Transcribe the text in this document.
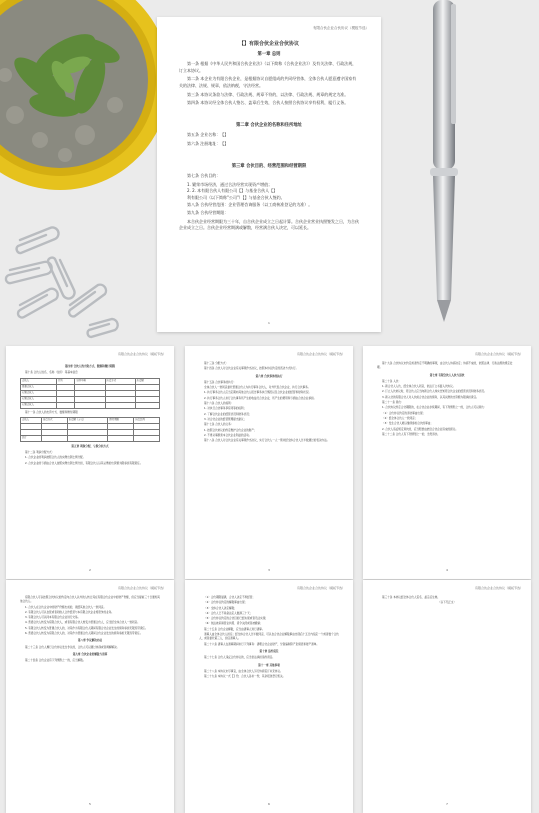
有限合伙企业合伙协议（模板节选）
【】有限合伙企业合伙协议
第一章 总则

第一条 根据《中华人民共和国合伙企业法》（以下简称《合伙企业法》）及有关法律、行政法规，订立本协议。

第二条 本企业为有限合伙企业，是根据协议自愿组成的共同经营体，全体合伙人愿意遵守国家有关的法律、法规、规章，依法纳税，守法经营。

第三条 本协议条款与法律、行政法规、规章不符的，以法律、行政法规、规章的规定为准。

第四条 本协议经全体合伙人签名、盖章后生效，合伙人按照合伙协议享有权利，履行义务。

第二章 合伙企业的名称和住所地址

第五条 企业名称：【】

第六条 注册地址：【】

第三章 合伙目的、经营范围和经营期限

第七条 合伙目的：

1. 繁荣市场经济，通过合法经营实现资产增值；

2. 2. 本有限合伙人有限公司【】与基金合伙人【】

利有限公司（以下简称"公司"）【】与基金合伙人签约。

第八条 合伙经营范围：企业管理咨询服务（以工商核准登记的为准）。

第九条 合伙经营期限：

本合伙企业经营期限为三十年，自合伙企业成立之日起计算。合伙企业营业执照签发之日，为合伙企业成立之日。合伙企业经营期满或解散，经营满合伙人决定，可以延长。

1
有限合伙企业合伙协议（模板节选）
第四章 合伙人的出资方式、数额和缴付期限

第十条 合伙人姓名、名称（住所）等基本信息

合伙人	住所	证件号码	出资方式	出资额
普通合伙人				
有限合伙人				
有限合伙人				
有限合伙人				

第十一条 合伙人的出资方式、数额和缴付期限

合伙人	出资方式	出资额（万元）	缴付期限	出资比例

总计				
第五章 利润分配、亏损分担方式

第十二条 利润分配方式：

1. 合伙企业的利润按照合伙人的实缴出资比例分配。

2. 合伙企业的亏损由合伙人按照实缴出资比例分担，有限合伙人以其认缴的出资额为限承担有限责任。

2
有限合伙企业合伙协议（模板节选）

第十三条 分配方式：

第十四条 合伙人对合伙企业有关事项作出决议，按照本协议约定的表决方式执行。

第六章 合伙事务的执行

第十五条 合伙事务的执行：

全体合伙人一致同意委托普通合伙人为执行事务合伙人，对外代表合伙企业，执行合伙事务。

1. 执行事务合伙人应当定期向其他合伙人报告事务执行情况以及合伙企业的经营和财务状况。

2. 执行事务合伙人执行合伙事务所产生的收益归合伙企业，所产生的费用和亏损由合伙企业承担。

第十六条 合伙人的权利：

1. 对执行合伙事务享有同等的权利；

2. 了解合伙企业的经营状况和财务状况；

3. 对合伙企业的经营管理提出建议；

第十七条 合伙人的义务：

1. 按照合伙协议的约定维护合伙企业的财产；

2. 不得从事损害本合伙企业利益的活动。

第十八条 合伙人对合伙企业有关事项作出决议，实行合伙人一人一票并经全体合伙人过半数通过的表决办法。

3
有限合伙企业合伙协议（模板节选）

第十九条 合伙协议未约定或者约定不明确的事项，由合伙人协商决定；协商不成的，依照法律、行政法规的规定处理。

第七章 有限合伙人入伙与退伙

第二十条 入伙：

1. 新合伙人入伙，经全体合伙人同意，依法订立书面入伙协议。

2. 订立入伙协议时，原合伙人应当向新合伙人如实告知原合伙企业的经营状况和财务状况。

3. 新入伙的有限合伙人对入伙前合伙企业的债务，以其认缴的出资额为限承担责任。

第二十一条 退伙：

1. 合伙协议约定合伙期限的，在合伙企业存续期间，有下列情形之一的，合伙人可以退伙：

（1）合伙协议约定的退伙事由出现；

（2）经全体合伙人一致同意；

（3）发生合伙人难以继续参加合伙的事由；

2. 合伙人违反规定退伙的，应当赔偿由此给合伙企业造成的损失。

第二十二条 合伙人有下列情形之一的，当然退伙。

4
有限合伙企业合伙协议（模板节选）

有限合伙人可以按照合伙协议的约定向合伙人以外的人转让其在有限合伙企业中的财产份额，但应当提前三十日通知其他合伙人。

1. 合伙人在合伙企业中的财产份额出质的，须经其他合伙人一致同意。

2. 有限合伙人可以自营或者同他人合作经营与本有限合伙企业相竞争的业务。

3. 有限合伙人可以同本有限合伙企业进行交易。

4. 普通合伙人转变为有限合伙人，或者有限合伙人转变为普通合伙人，应当经全体合伙人一致同意。

5. 有限合伙人转变为普通合伙人的，对其作为有限合伙人期间有限合伙企业发生的债务承担无限连带责任。

6. 普通合伙人转变为有限合伙人的，对其作为普通合伙人期间合伙企业发生的债务承担无限连带责任。

第八章 争议解决办法

第二十三条 合伙人履行合伙协议发生争议的，合伙人可以通过协商或者调解解决。

第九章 合伙企业的解散与清算

第二十四条 合伙企业有下列情形之一的，应当解散。

5
有限合伙企业合伙协议（模板节选）

（1）合伙期限届满，合伙人决定不再经营；

（2）合伙协议约定的解散事由出现；

（3）全体合伙人决定解散；

（4）合伙人已不具备法定人数满三十天；

（5）合伙协议约定的合伙目的已经实现或者无法实现；

（6）依法被吊销营业执照、责令关闭或者被撤销；

第二十五条 合伙企业解散，应当由清算人进行清算。

清算人由全体合伙人担任；经全体合伙人过半数同意，可以自合伙企业解散事由出现后十五日内指定一个或者数个合伙人，或者委托第三人，担任清算人。

第二十六条 清算人在清算期间执行下列事务：清理合伙企业财产，分别编制资产负债表和财产清单。

第十章 违约责任

第二十七条 合伙人违反合伙协议的，应当依法承担违约责任。

第十一章 其他事项

第二十八条 本协议未尽事宜，由全体合伙人另行协商签订补充协议。

第二十九条 本协议一式【】份，合伙人各执一份，其余报送登记机关。

6
有限合伙企业合伙协议（模板节选）

第三十条 本协议经全体合伙人签名、盖章后生效。

（以下无正文）

7
